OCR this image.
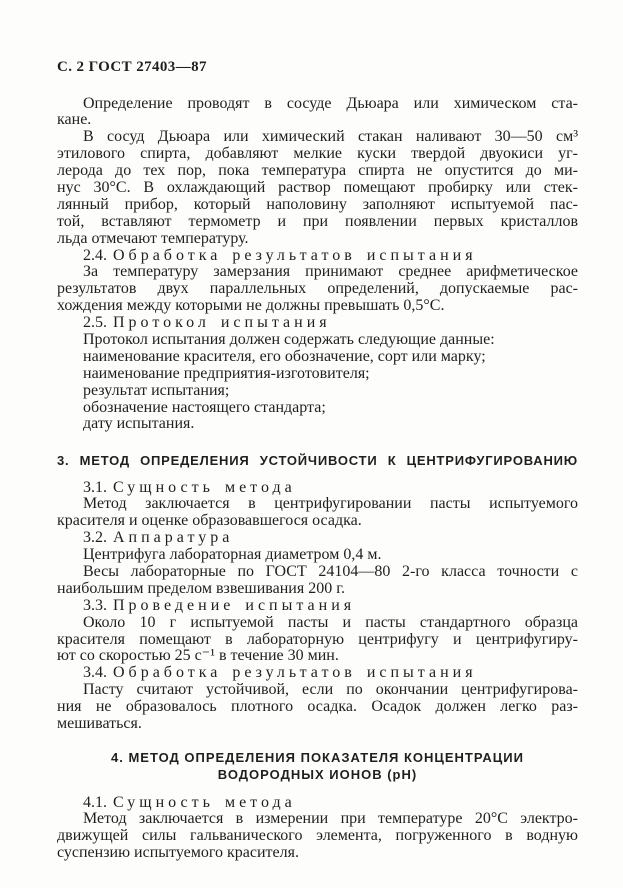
С. 2 ГОСТ 27403—87
Определение проводят в сосуде Дьюара или химическом ста-
кане.
В сосуд Дьюара или химический стакан наливают 30—50 см³
этилового спирта, добавляют мелкие куски твердой двуокиси уг-
лерода до тех пор, пока температура спирта не опустится до ми-
нус 30°С. В охлаждающий раствор помещают пробирку или стек-
лянный прибор, который наполовину заполняют испытуемой пас-
той, вставляют термометр и при появлении первых кристаллов
льда отмечают температуру.
2.4. Обработка результатов испытания
За температуру замерзания принимают среднее арифметическое
результатов двух параллельных определений, допускаемые рас-
хождения между которыми не должны превышать 0,5°С.
2.5. Протокол испытания
Протокол испытания должен содержать следующие данные:
наименование красителя, его обозначение, сорт или марку;
наименование предприятия-изготовителя;
результат испытания;
обозначение настоящего стандарта;
дату испытания.
3. МЕТОД ОПРЕДЕЛЕНИЯ УСТОЙЧИВОСТИ К ЦЕНТРИФУГИРОВАНИЮ
3.1. Сущность метода
Метод заключается в центрифугировании пасты испытуемого
красителя и оценке образовавшегося осадка.
3.2. Аппаратура
Центрифуга лабораторная диаметром 0,4 м.
Весы лабораторные по ГОСТ 24104—80 2-го класса точности с
наибольшим пределом взвешивания 200 г.
3.3. Проведение испытания
Около 10 г испытуемой пасты и пасты стандартного образца
красителя помещают в лабораторную центрифугу и центрифугиру-
ют со скоростью 25 с⁻¹ в течение 30 мин.
3.4. Обработка результатов испытания
Пасту считают устойчивой, если по окончании центрифугирова-
ния не образовалось плотного осадка. Осадок должен легко раз-
мешиваться.
4. МЕТОД ОПРЕДЕЛЕНИЯ ПОКАЗАТЕЛЯ КОНЦЕНТРАЦИИ
ВОДОРОДНЫХ ИОНОВ (pH)
4.1. Сущность метода
Метод заключается в измерении при температуре 20°С электро-
движущей силы гальванического элемента, погруженного в водную
суспензию испытуемого красителя.
